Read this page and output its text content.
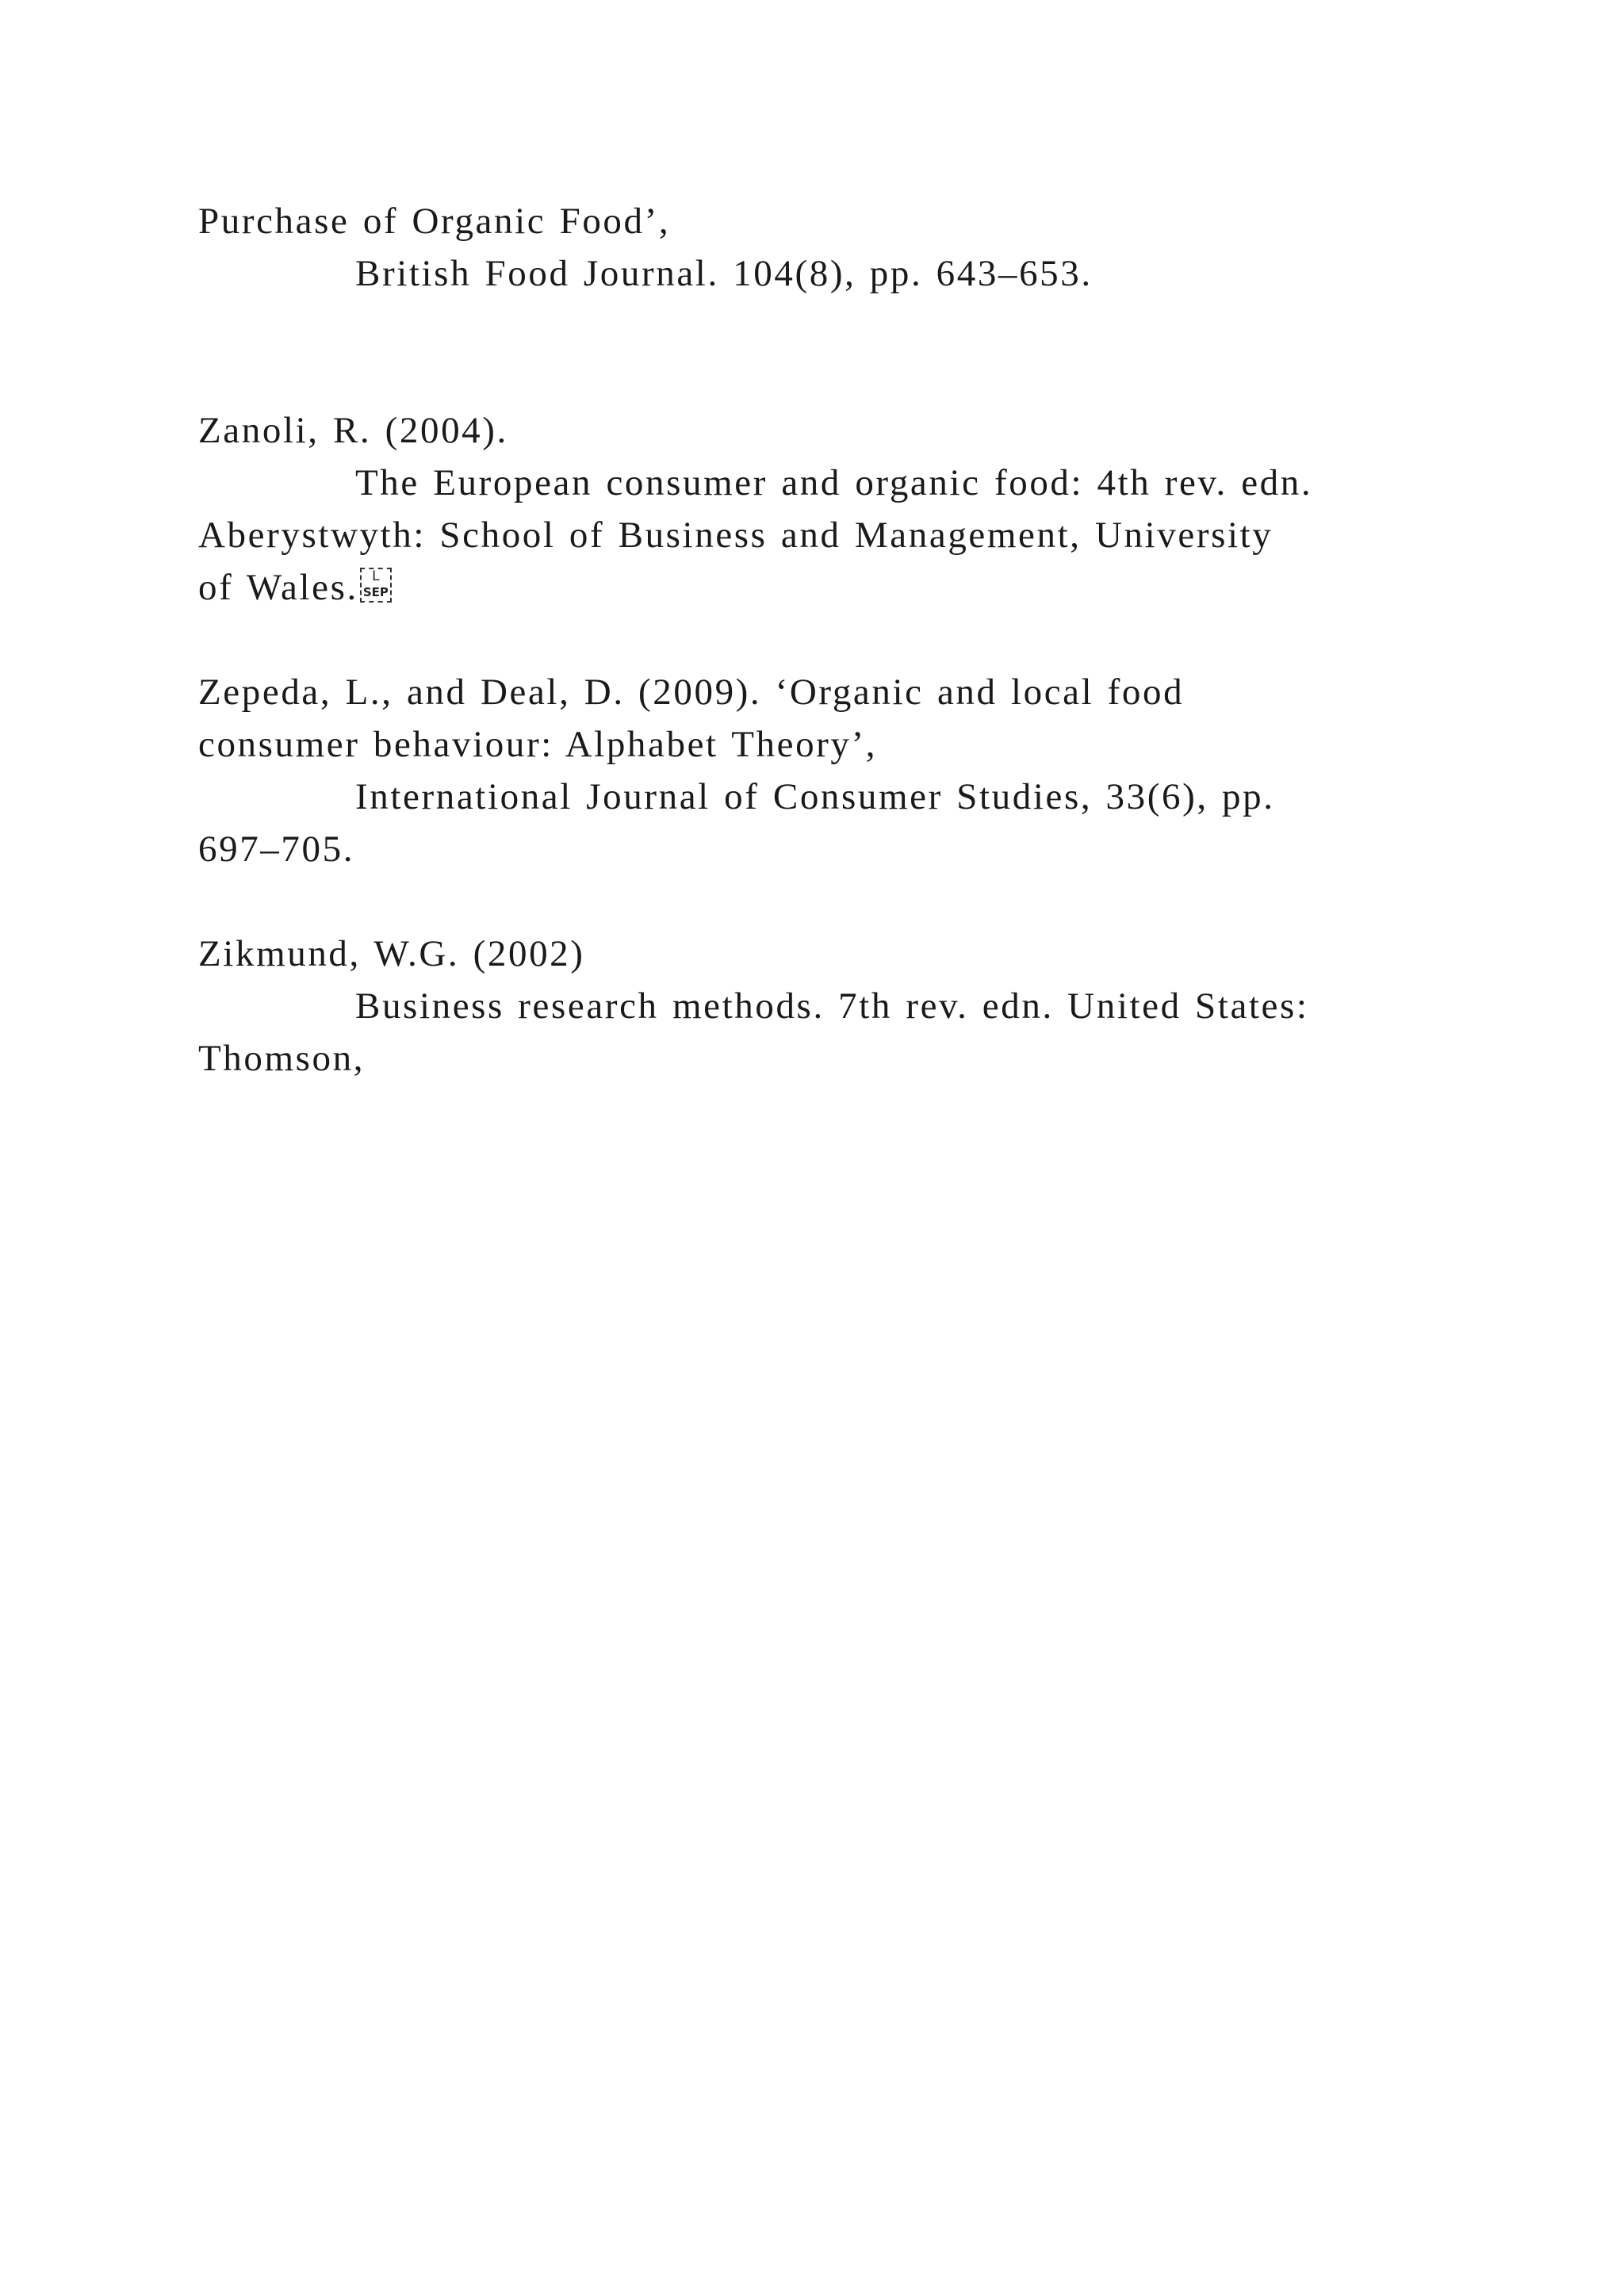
Purchase of Organic Food’,
British Food Journal. 104(8), pp. 643–653.
Zanoli, R. (2004).
The European consumer and organic food: 4th rev. edn.
Aberystwyth: School of Business and Management, University
of Wales.	L
SEP
Zepeda, L., and Deal, D. (2009). ‘Organic and local food
consumer behaviour: Alphabet Theory’,
International Journal of Consumer Studies, 33(6), pp.
697–705.
Zikmund, W.G. (2002)
Business research methods. 7th rev. edn. United States:
Thomson,
